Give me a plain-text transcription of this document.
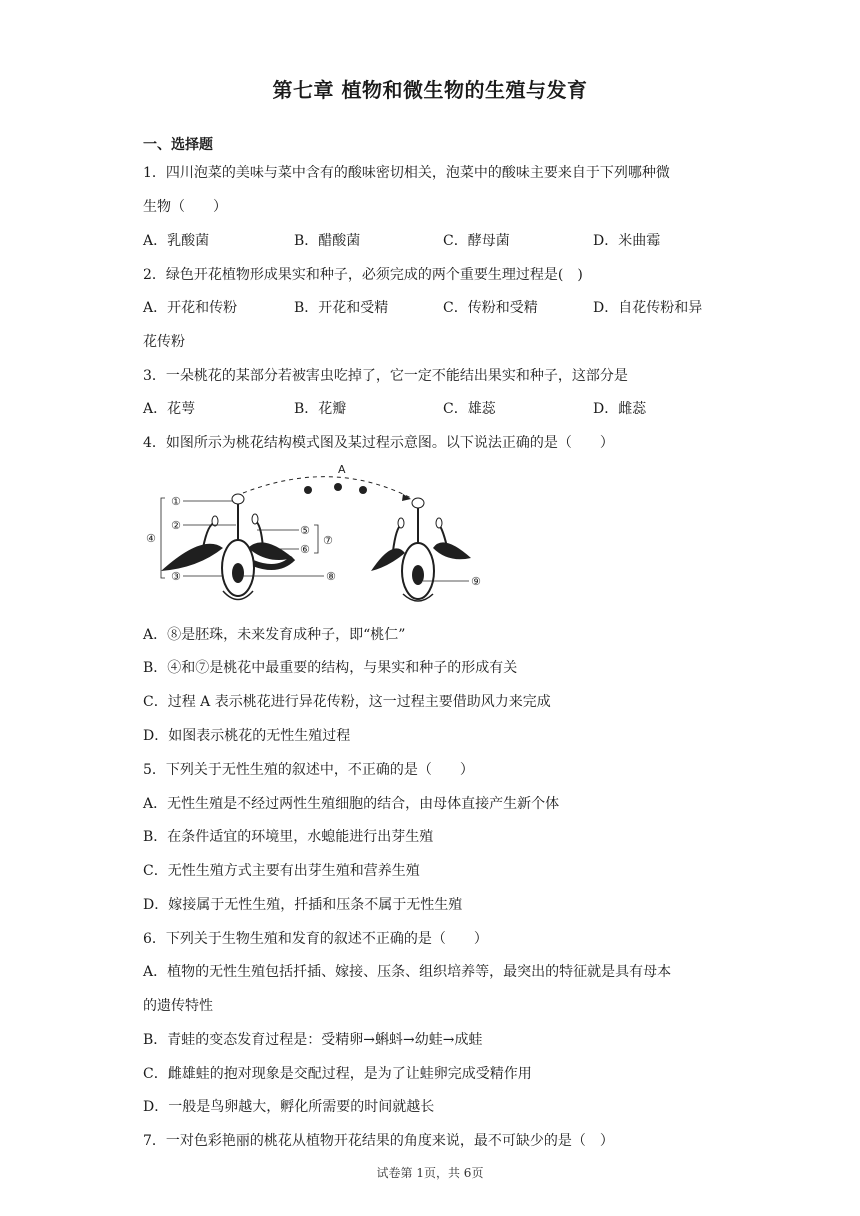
第七章 植物和微生物的生殖与发育
一、选择题
1．四川泡菜的美味与菜中含有的酸味密切相关，泡菜中的酸味主要来自于下列哪种微
生物（　　）
A．乳酸菌	B．醋酸菌	C．酵母菌	D．米曲霉
2．绿色开花植物形成果实和种子，必须完成的两个重要生理过程是(　)
A．开花和传粉	B．开花和受精	C．传粉和受精	D．自花传粉和异
花传粉
3．一朵桃花的某部分若被害虫吃掉了，它一定不能结出果实和种子，这部分是
A．花萼	B．花瓣	C．雄蕊	D．雌蕊
4．如图所示为桃花结构模式图及某过程示意图。以下说法正确的是（　　）
A
①
②
④
③
⑤
⑥
⑦
⑧	⑨
A．⑧是胚珠，未来发育成种子，即“桃仁”
B．④和⑦是桃花中最重要的结构，与果实和种子的形成有关
C．过程 A 表示桃花进行异花传粉，这一过程主要借助风力来完成
D．如图表示桃花的无性生殖过程
5．下列关于无性生殖的叙述中，不正确的是（　　）
A．无性生殖是不经过两性生殖细胞的结合，由母体直接产生新个体
B．在条件适宜的环境里，水螅能进行出芽生殖
C．无性生殖方式主要有出芽生殖和营养生殖
D．嫁接属于无性生殖，扦插和压条不属于无性生殖
6．下列关于生物生殖和发育的叙述不正确的是（　　）
A．植物的无性生殖包括扦插、嫁接、压条、组织培养等，最突出的特征就是具有母本
的遗传特性
B．青蛙的变态发育过程是：受精卵→蝌蚪→幼蛙→成蛙
C．雌雄蛙的抱对现象是交配过程，是为了让蛙卵完成受精作用
D．一般是鸟卵越大，孵化所需要的时间就越长
7．一对色彩艳丽的桃花从植物开花结果的角度来说，最不可缺少的是（　）
试卷第 1页，共 6页
